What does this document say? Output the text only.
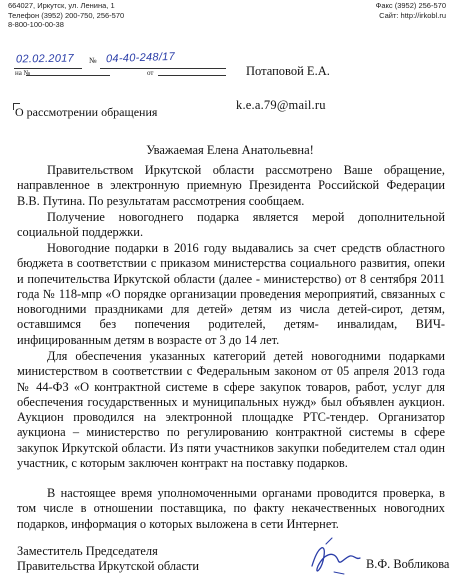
664027, Иркутск, ул. Ленина, 1
Телефон (3952) 200-750, 256-570
8-800-100-00-38
Факс (3952) 256-570
Сайт: http://irkobl.ru
02.02.2017 № 04-40-248/17
на №	от	Потаповой Е.А.
k.e.a.79@mail.ru
О рассмотрении обращения
Уважаемая Елена Анатольевна!

Правительством Иркутской области рассмотрено Ваше обращение, направленное в электронную приемную Президента Российской Федерации В.В. Путина. По результатам рассмотрения сообщаем.

Получение новогоднего подарка является мерой дополнительной социальной поддержки.

Новогодние подарки в 2016 году выдавались за счет средств областного бюджета в соответствии с приказом министерства социального развития, опеки и попечительства Иркутской области (далее - министерство) от 8 сентября 2011 года № 118-мпр «О порядке организации проведения мероприятий, связанных с новогодними праздниками для детей» детям из числа детей-сирот, детям, оставшимся без попечения родителей, детям- инвалидам, ВИЧ-инфицированным детям в возрасте от 3 до 14 лет.

Для обеспечения указанных категорий детей новогодними подарками министерством в соответствии с Федеральным законом от 05 апреля 2013 года № 44-ФЗ «О контрактной системе в сфере закупок товаров, работ, услуг для обеспечения государственных и муниципальных нужд» был объявлен аукцион. Аукцион проводился на электронной площадке РТС-тендер. Организатор аукциона – министерство по регулированию контрактной системы в сфере закупок Иркутской области. Из пяти участников закупки победителем стал один участник, с которым заключен контракт на поставку подарков.

В настоящее время уполномоченными органами проводится проверка, в том числе в отношении поставщика, по факту некачественных новогодних подарков, информация о которых выложена в сети Интернет.

Заместитель Председателя
Правительства Иркутской области	В.Ф. Вобликова
